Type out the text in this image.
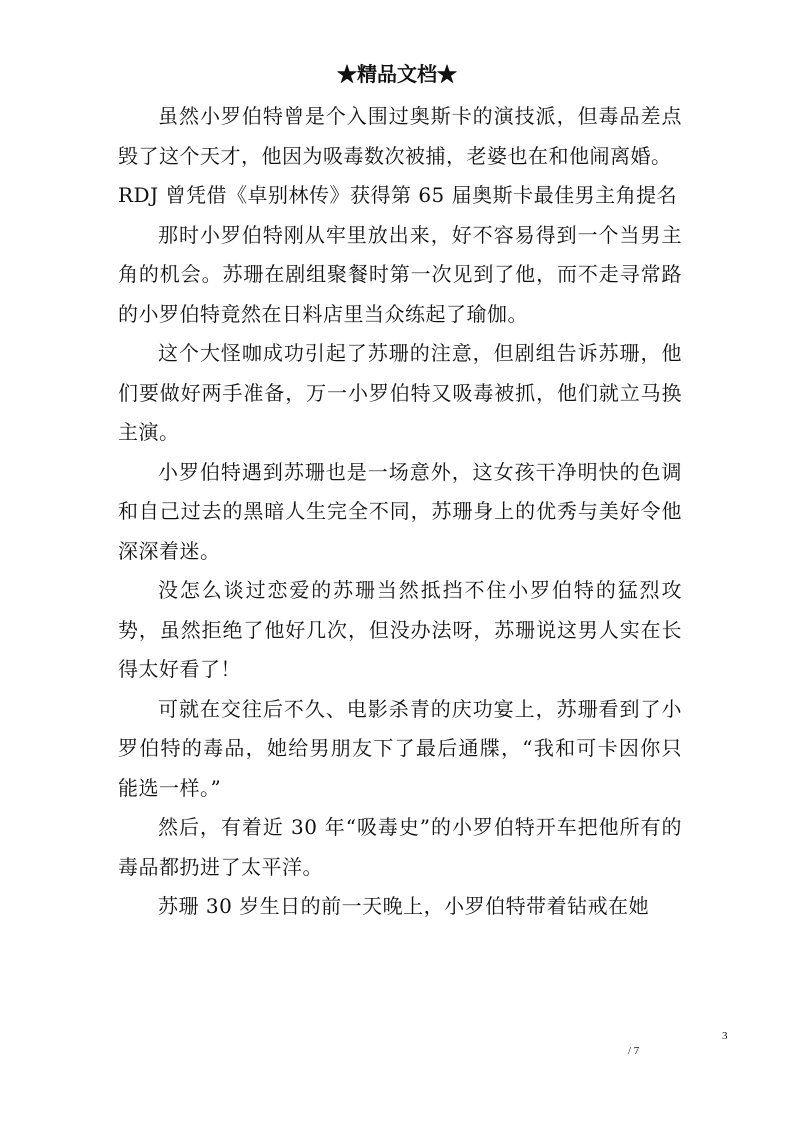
★精品文档★

虽然小罗伯特曾是个入围过奥斯卡的演技派，但毒品差点毁了这个天才，他因为吸毒数次被捕，老婆也在和他闹离婚。

RDJ 曾凭借《卓别林传》获得第 65 届奥斯卡最佳男主角提名

那时小罗伯特刚从牢里放出来，好不容易得到一个当男主角的机会。苏珊在剧组聚餐时第一次见到了他，而不走寻常路的小罗伯特竟然在日料店里当众练起了瑜伽。

这个大怪咖成功引起了苏珊的注意，但剧组告诉苏珊，他们要做好两手准备，万一小罗伯特又吸毒被抓，他们就立马换主演。

小罗伯特遇到苏珊也是一场意外，这女孩干净明快的色调和自己过去的黑暗人生完全不同，苏珊身上的优秀与美好令他深深着迷。

没怎么谈过恋爱的苏珊当然抵挡不住小罗伯特的猛烈攻势，虽然拒绝了他好几次，但没办法呀，苏珊说这男人实在长得太好看了！

可就在交往后不久、电影杀青的庆功宴上，苏珊看到了小罗伯特的毒品，她给男朋友下了最后通牒，“我和可卡因你只能选一样。”

然后，有着近 30 年“吸毒史”的小罗伯特开车把他所有的毒品都扔进了太平洋。

苏珊 30 岁生日的前一天晚上，小罗伯特带着钻戒在她

3
/ 7
